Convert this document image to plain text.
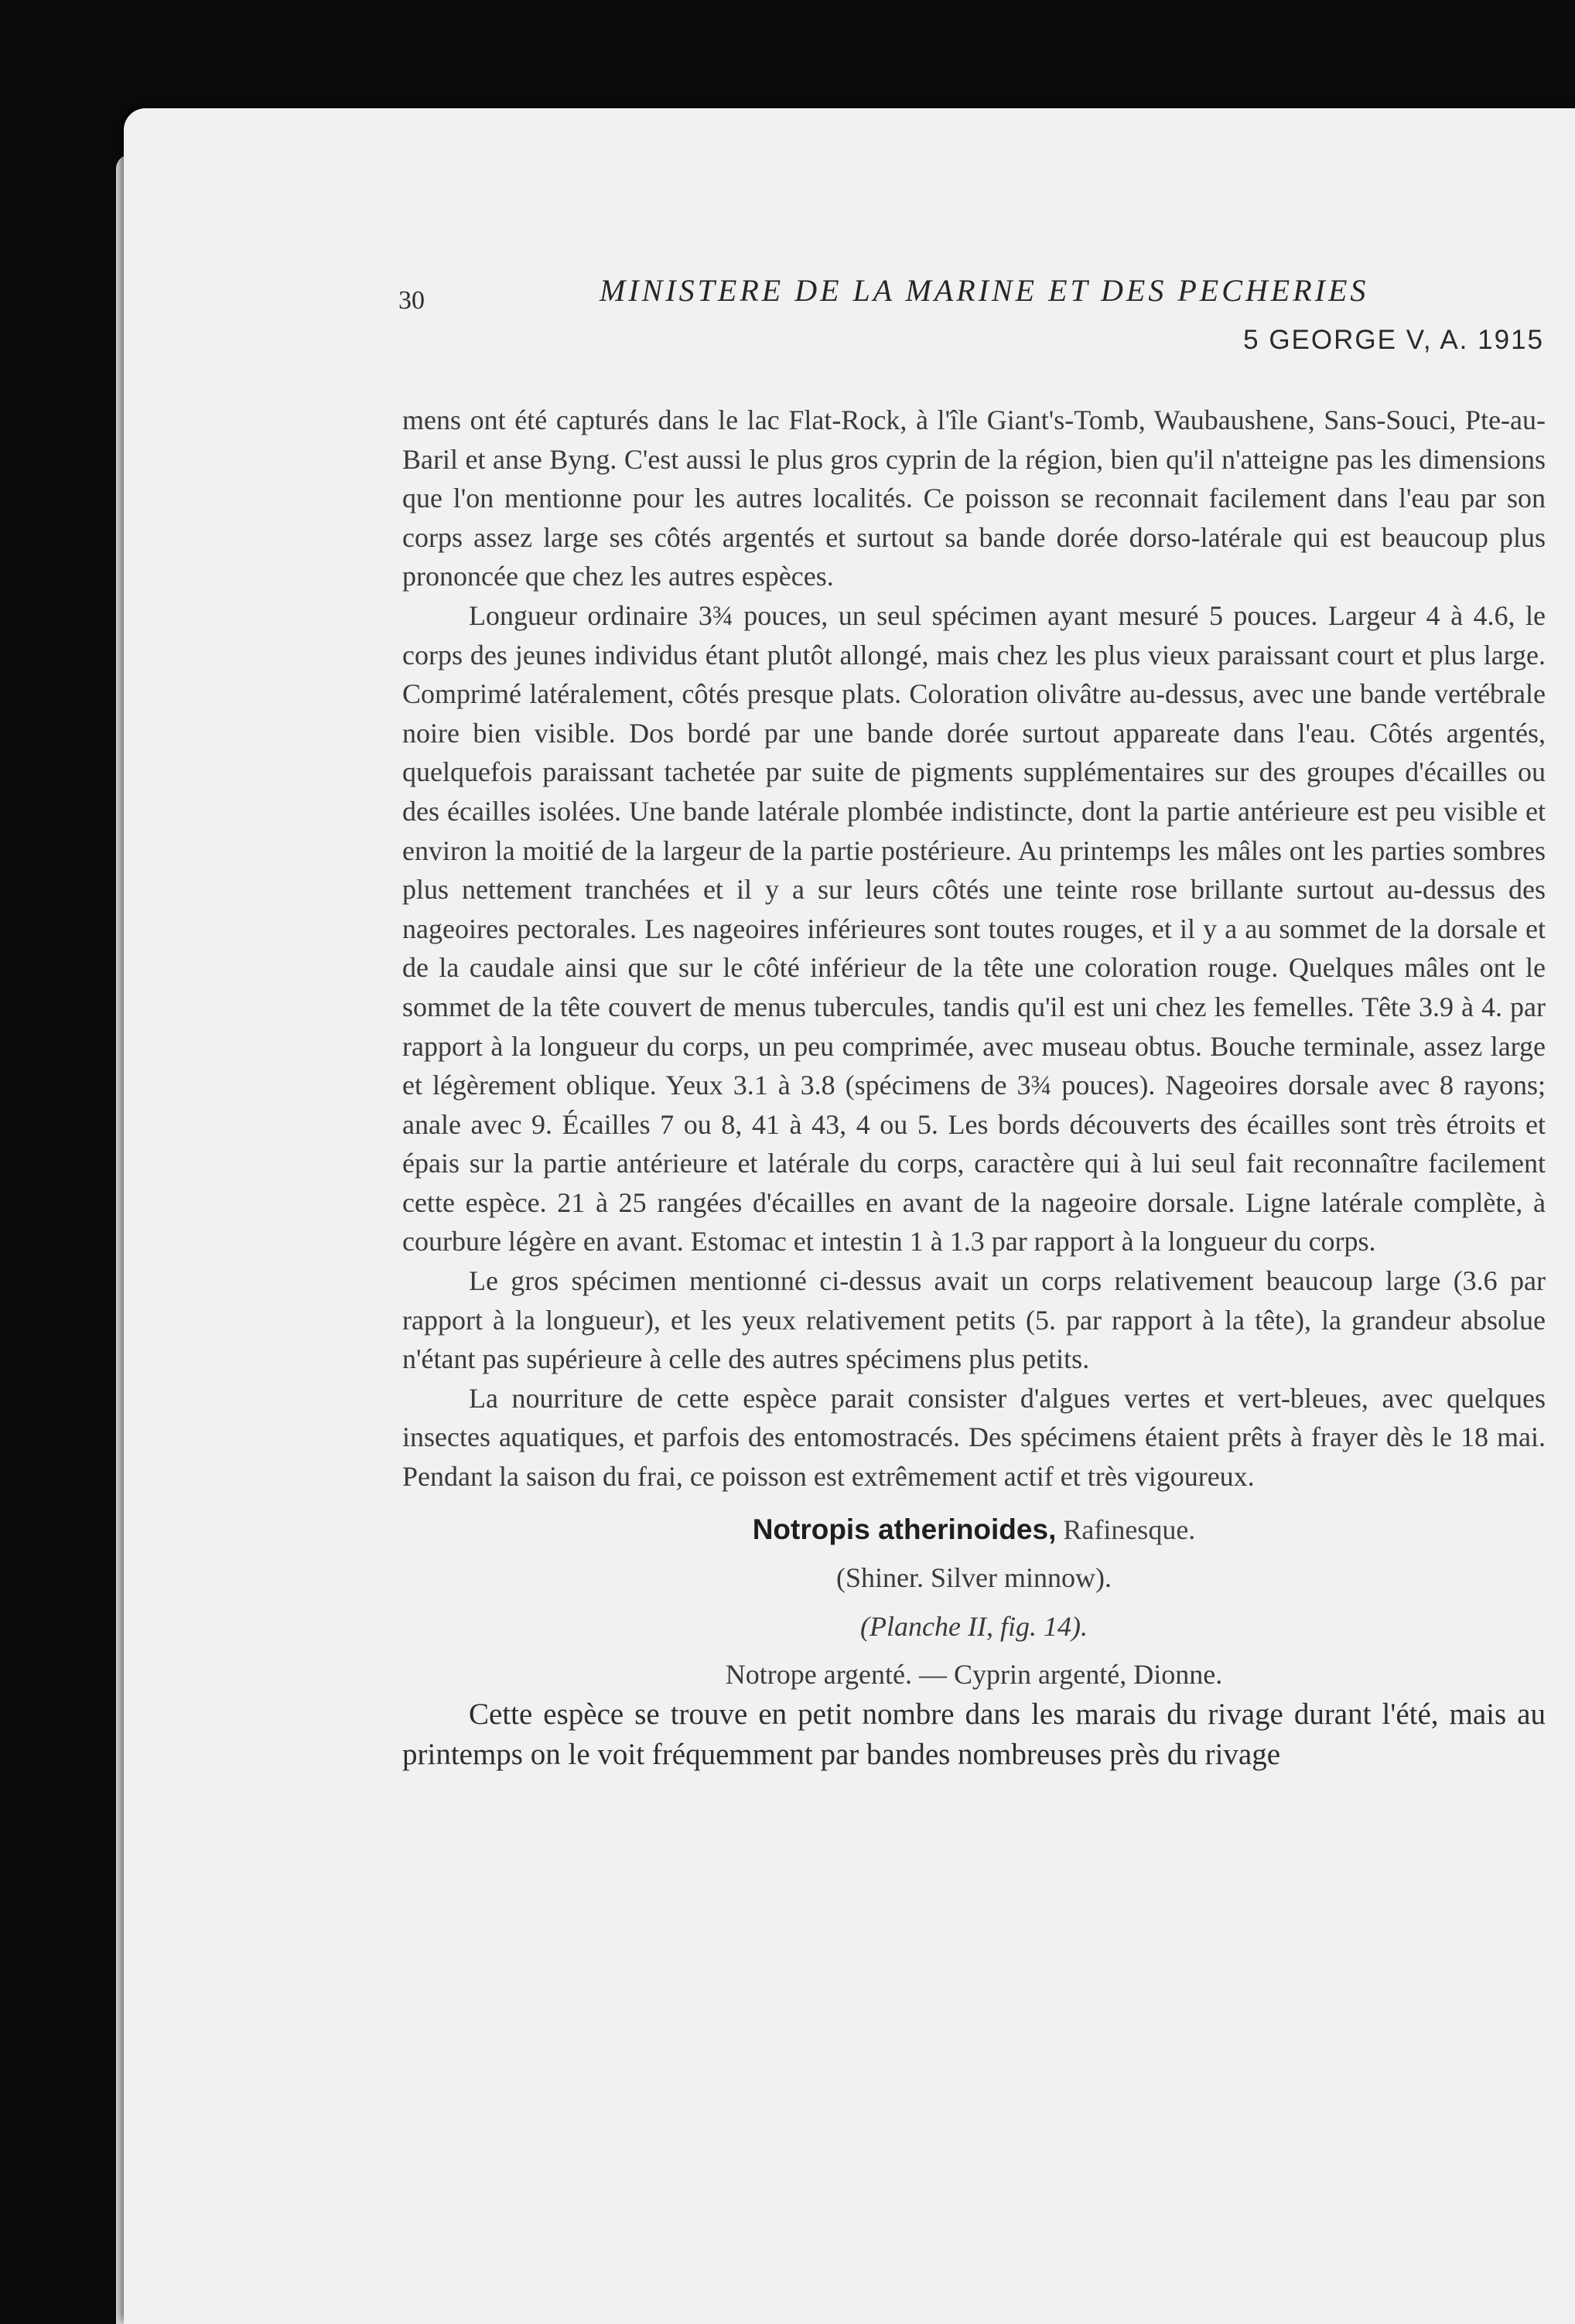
30	MINISTERE DE LA MARINE ET DES PECHERIES
5 GEORGE V, A. 1915

mens ont été capturés dans le lac Flat-Rock, à l'île Giant's-Tomb, Waubaushene, Sans-Souci, Pte-au-Baril et anse Byng. C'est aussi le plus gros cyprin de la région, bien qu'il n'atteigne pas les dimensions que l'on mentionne pour les autres localités. Ce poisson se reconnait facilement dans l'eau par son corps assez large ses côtés argentés et surtout sa bande dorée dorso-latérale qui est beaucoup plus prononcée que chez les autres espèces.

Longueur ordinaire 3¾ pouces, un seul spécimen ayant mesuré 5 pouces. Largeur 4 à 4.6, le corps des jeunes individus étant plutôt allongé, mais chez les plus vieux paraissant court et plus large. Comprimé latéralement, côtés presque plats. Coloration olivâtre au-dessus, avec une bande vertébrale noire bien visible. Dos bordé par une bande dorée surtout appareate dans l'eau. Côtés argentés, quelquefois paraissant tachetée par suite de pigments supplémentaires sur des groupes d'écailles ou des écailles isolées. Une bande latérale plombée indistincte, dont la partie antérieure est peu visible et environ la moitié de la largeur de la partie postérieure. Au printemps les mâles ont les parties sombres plus nettement tranchées et il y a sur leurs côtés une teinte rose brillante surtout au-dessus des nageoires pectorales. Les nageoires inférieures sont toutes rouges, et il y a au sommet de la dorsale et de la caudale ainsi que sur le côté inférieur de la tête une coloration rouge. Quelques mâles ont le sommet de la tête couvert de menus tubercules, tandis qu'il est uni chez les femelles. Tête 3.9 à 4. par rapport à la longueur du corps, un peu comprimée, avec museau obtus. Bouche terminale, assez large et légèrement oblique. Yeux 3.1 à 3.8 (spécimens de 3¾ pouces). Nageoires dorsale avec 8 rayons; anale avec 9. Écailles 7 ou 8, 41 à 43, 4 ou 5. Les bords découverts des écailles sont très étroits et épais sur la partie antérieure et latérale du corps, caractère qui à lui seul fait reconnaître facilement cette espèce. 21 à 25 rangées d'écailles en avant de la nageoire dorsale. Ligne latérale complète, à courbure légère en avant. Estomac et intestin 1 à 1.3 par rapport à la longueur du corps.

Le gros spécimen mentionné ci-dessus avait un corps relativement beaucoup large (3.6 par rapport à la longueur), et les yeux relativement petits (5. par rapport à la tête), la grandeur absolue n'étant pas supérieure à celle des autres spécimens plus petits.

La nourriture de cette espèce parait consister d'algues vertes et vert-bleues, avec quelques insectes aquatiques, et parfois des entomostracés. Des spécimens étaient prêts à frayer dès le 18 mai. Pendant la saison du frai, ce poisson est extrêmement actif et très vigoureux.

Notropis atherinoides, Rafinesque.
(Shiner. Silver minnow).
(Planche II, fig. 14).
Notrope argenté. — Cyprin argenté, Dionne.

Cette espèce se trouve en petit nombre dans les marais du rivage durant l'été, mais au printemps on le voit fréquemment par bandes nombreuses près du rivage
